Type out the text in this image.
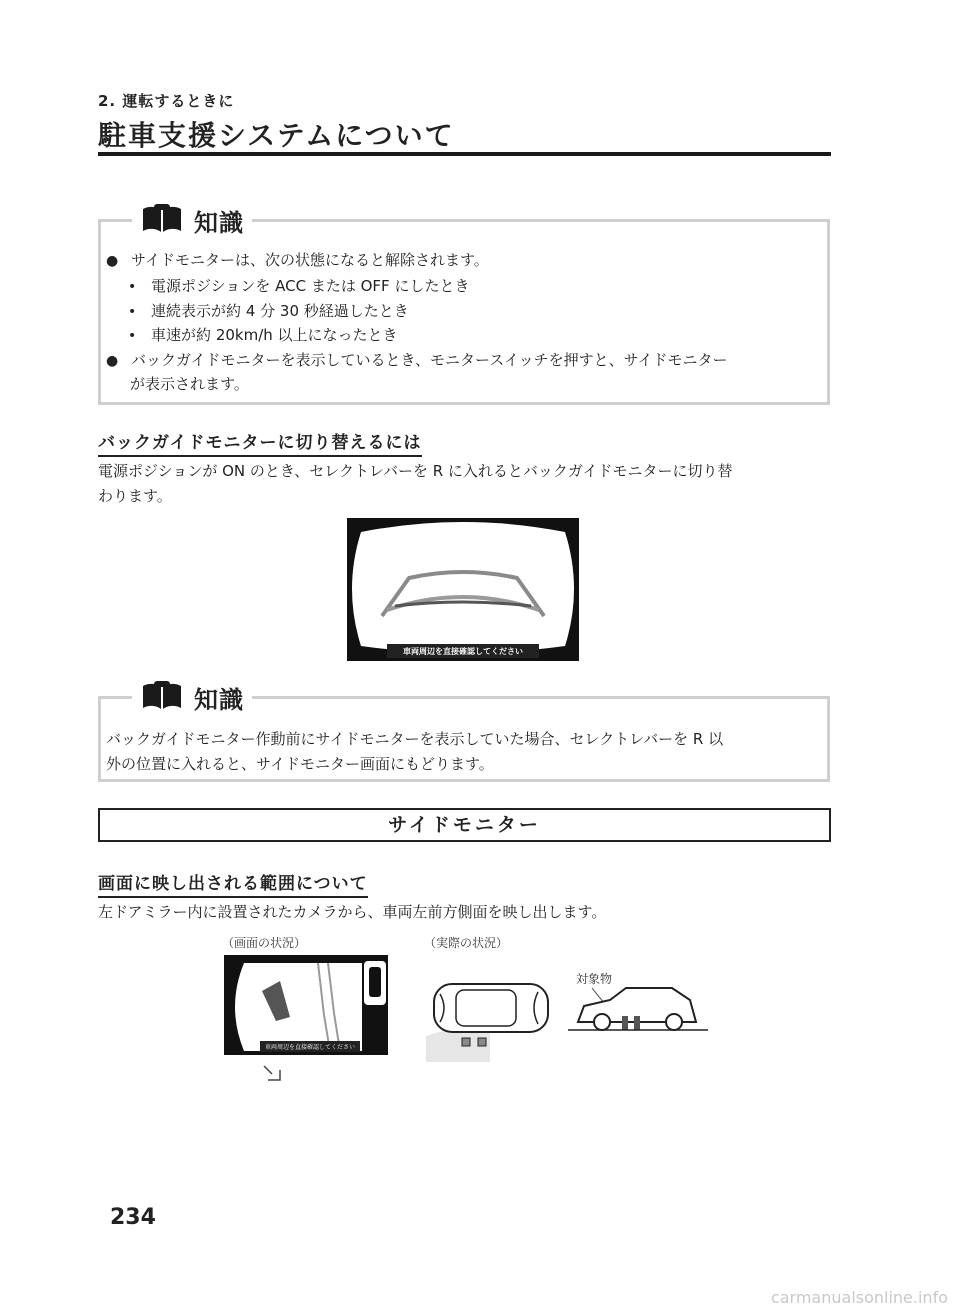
2. 運転するときに
駐車支援システムについて
知識
● サイドモニターは、次の状態になると解除されます。
• 電源ポジションを ACC または OFF にしたとき
• 連続表示が約 4 分 30 秒経過したとき
• 車速が約 20km/h 以上になったとき
● バックガイドモニターを表示しているとき、モニタースイッチを押すと、サイドモニター
が表示されます。
バックガイドモニターに切り替えるには
電源ポジションが ON のとき、セレクトレバーを R に入れるとバックガイドモニターに切り替
わります。
車両周辺を直接確認してください
知識
バックガイドモニター作動前にサイドモニターを表示していた場合、セレクトレバーを R 以
外の位置に入れると、サイドモニター画面にもどります。
サイドモニター
画面に映し出される範囲について
左ドアミラー内に設置されたカメラから、車両左前方側面を映し出します。
（画面の状況）	（実際の状況）
車両周辺を直接確認してください
対象物
234
carmanualsonline.info
